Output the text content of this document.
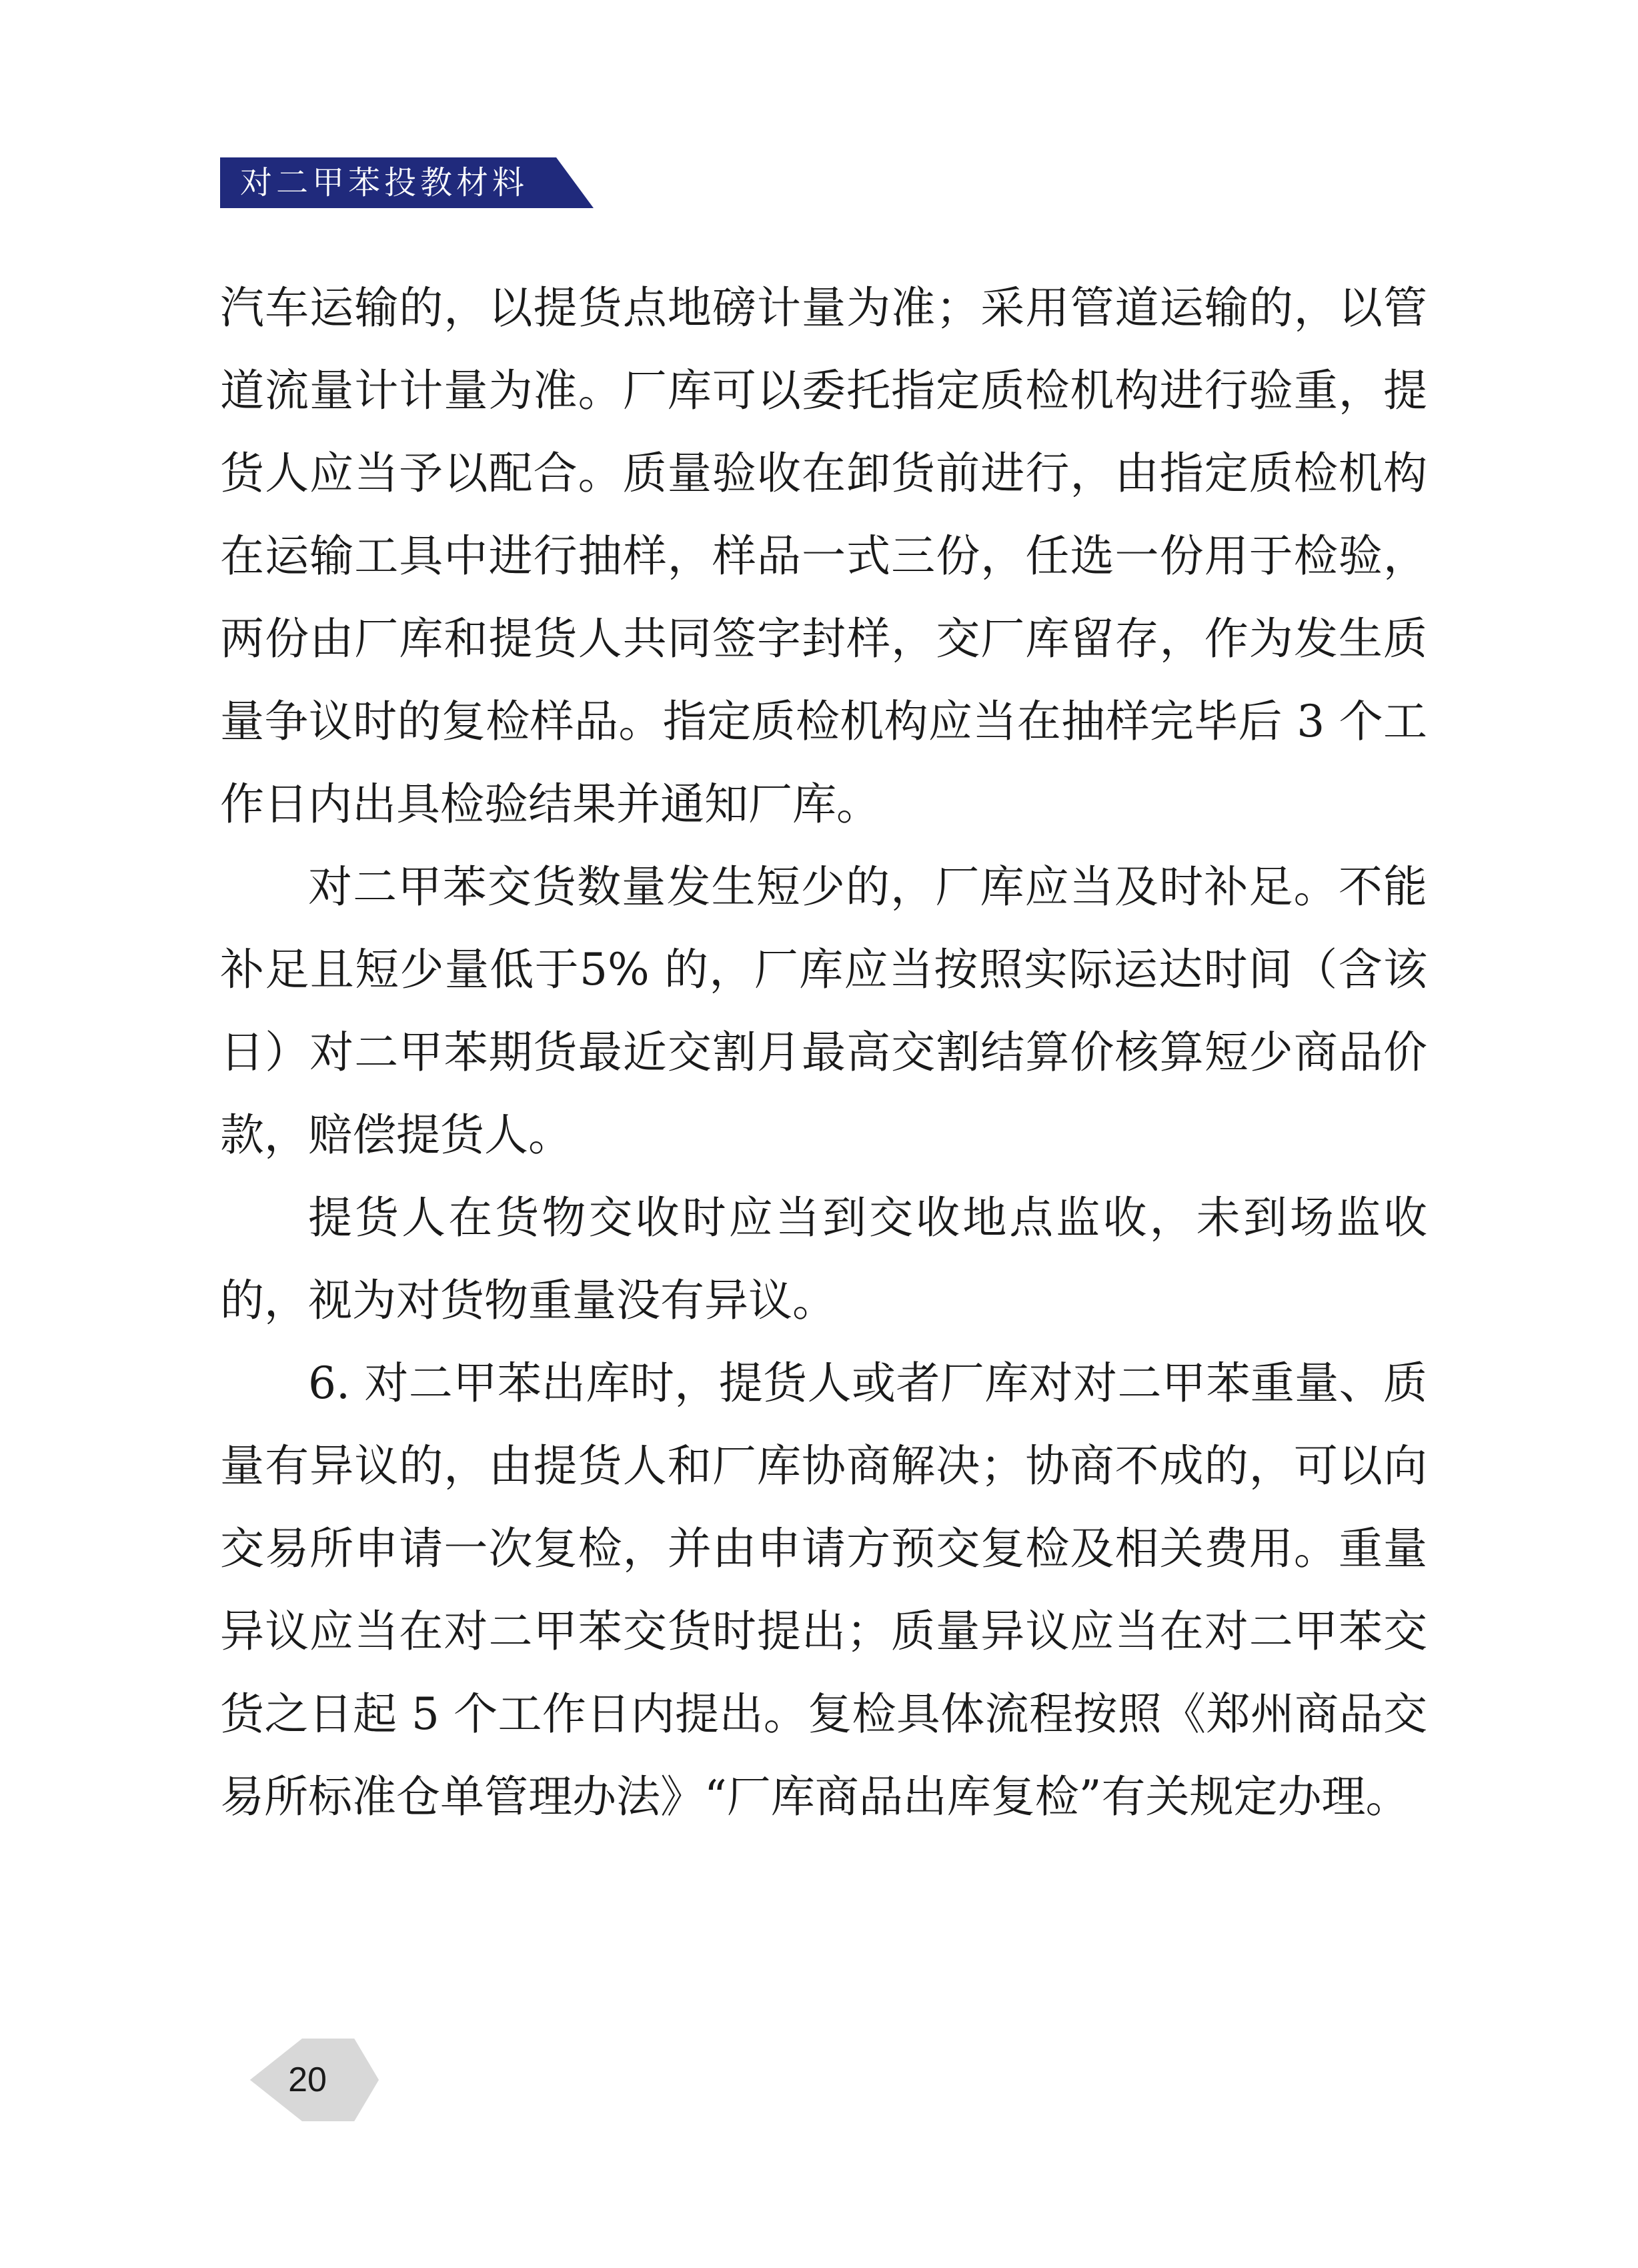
对二甲苯投教材料

汽车运输的，以提货点地磅计量为准；采用管道运输的，以管道流量计计量为准。厂库可以委托指定质检机构进行验重，提货人应当予以配合。质量验收在卸货前进行，由指定质检机构在运输工具中进行抽样，样品一式三份，任选一份用于检验，两份由厂库和提货人共同签字封样，交厂库留存，作为发生质量争议时的复检样品。指定质检机构应当在抽样完毕后 3 个工作日内出具检验结果并通知厂库。

对二甲苯交货数量发生短少的，厂库应当及时补足。不能补足且短少量低于5% 的，厂库应当按照实际运达时间（含该日）对二甲苯期货最近交割月最高交割结算价核算短少商品价款，赔偿提货人。

提货人在货物交收时应当到交收地点监收，未到场监收的，视为对货物重量没有异议。

6. 对二甲苯出库时，提货人或者厂库对对二甲苯重量、质量有异议的，由提货人和厂库协商解决；协商不成的，可以向交易所申请一次复检，并由申请方预交复检及相关费用。重量异议应当在对二甲苯交货时提出；质量异议应当在对二甲苯交货之日起 5 个工作日内提出。复检具体流程按照《郑州商品交易所标准仓单管理办法》“厂库商品出库复检”有关规定办理。

20
